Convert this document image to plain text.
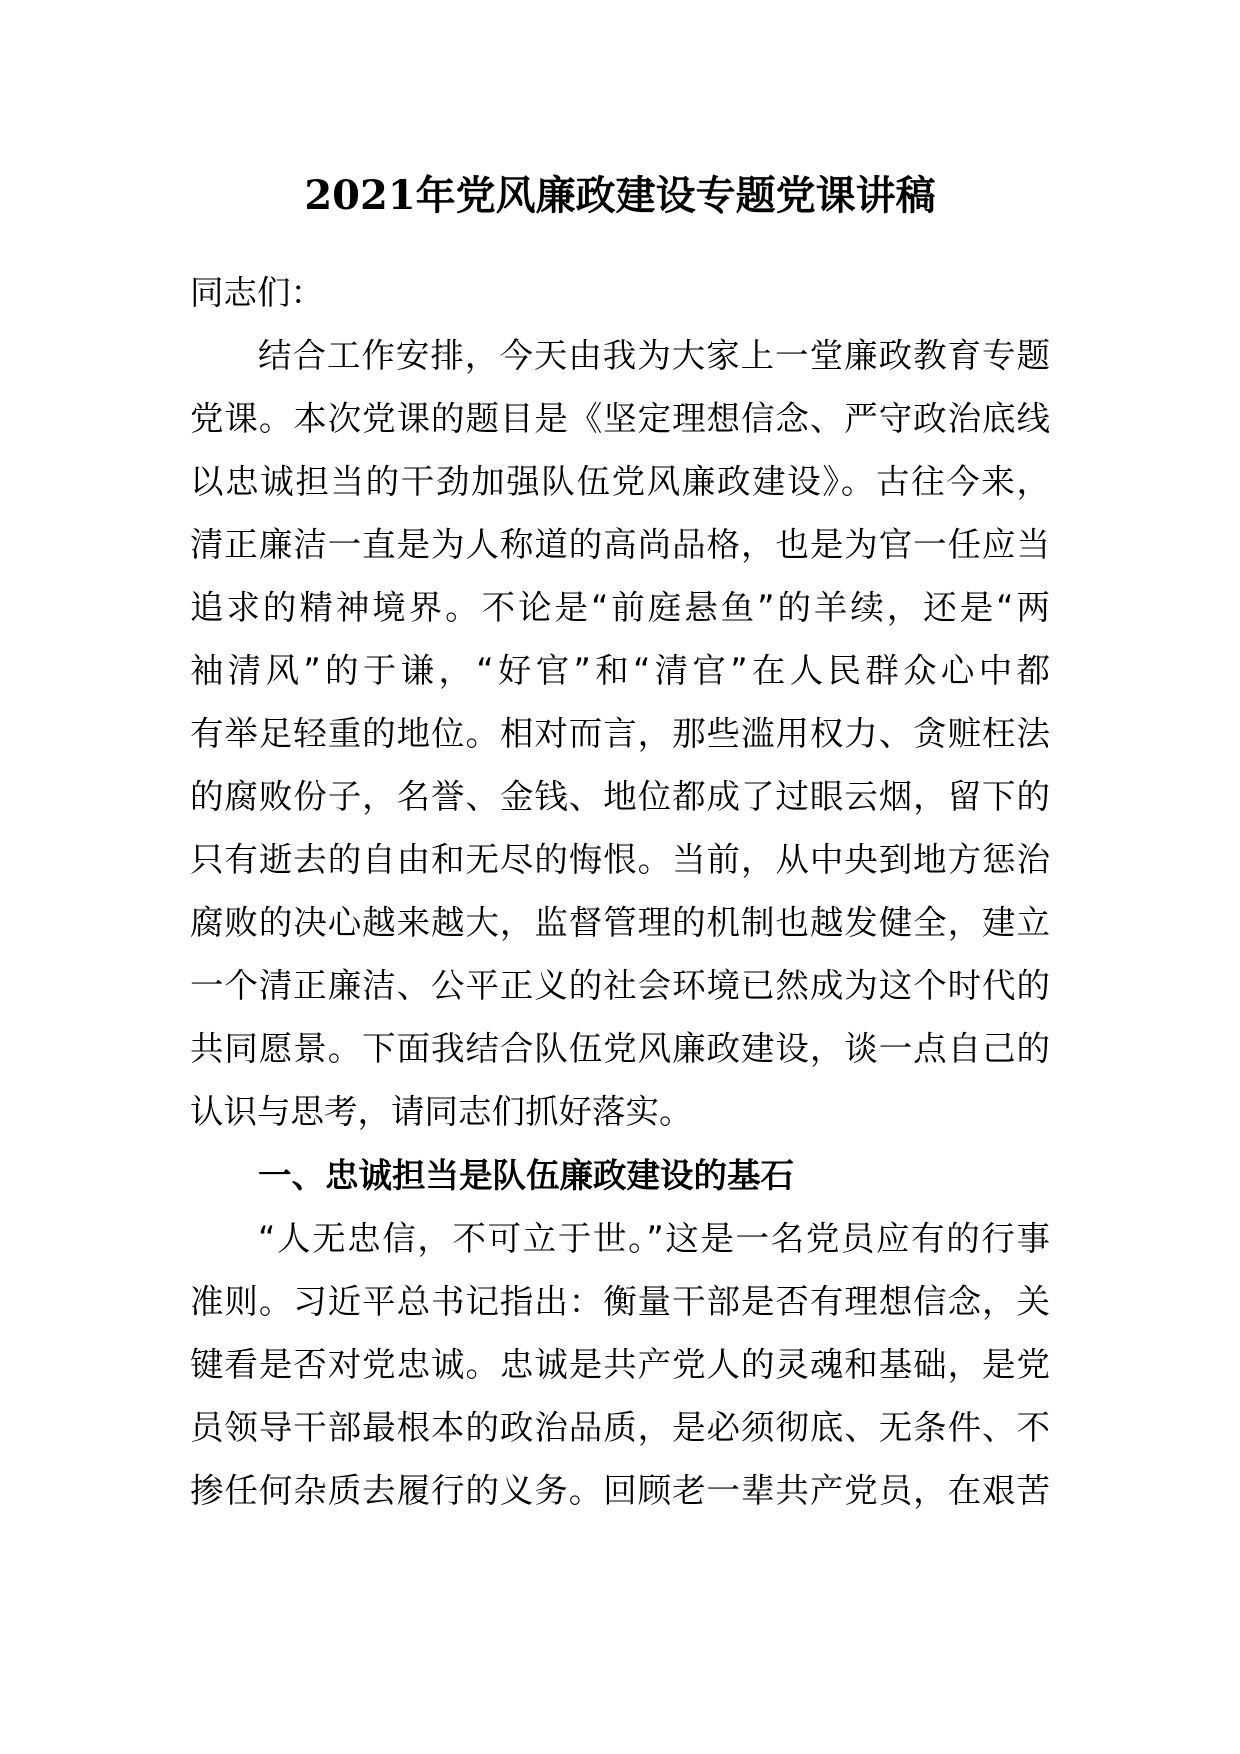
2021年党风廉政建设专题党课讲稿
同志们：
结合工作安排，今天由我为大家上一堂廉政教育专题
党课。本次党课的题目是《坚定理想信念、严守政治底线
以忠诚担当的干劲加强队伍党风廉政建设》。古往今来，
清正廉洁一直是为人称道的高尚品格，也是为官一任应当
追求的精神境界。不论是“前庭悬鱼”的羊续，还是“两
袖清风”的于谦，“好官”和“清官”在人民群众心中都
有举足轻重的地位。相对而言，那些滥用权力、贪赃枉法
的腐败份子，名誉、金钱、地位都成了过眼云烟，留下的
只有逝去的自由和无尽的悔恨。当前，从中央到地方惩治
腐败的决心越来越大，监督管理的机制也越发健全，建立
一个清正廉洁、公平正义的社会环境已然成为这个时代的
共同愿景。下面我结合队伍党风廉政建设，谈一点自己的
认识与思考，请同志们抓好落实。
一、忠诚担当是队伍廉政建设的基石
“人无忠信，不可立于世。”这是一名党员应有的行事
准则。习近平总书记指出：衡量干部是否有理想信念，关
键看是否对党忠诚。忠诚是共产党人的灵魂和基础，是党
员领导干部最根本的政治品质，是必须彻底、无条件、不
掺任何杂质去履行的义务。回顾老一辈共产党员，在艰苦
